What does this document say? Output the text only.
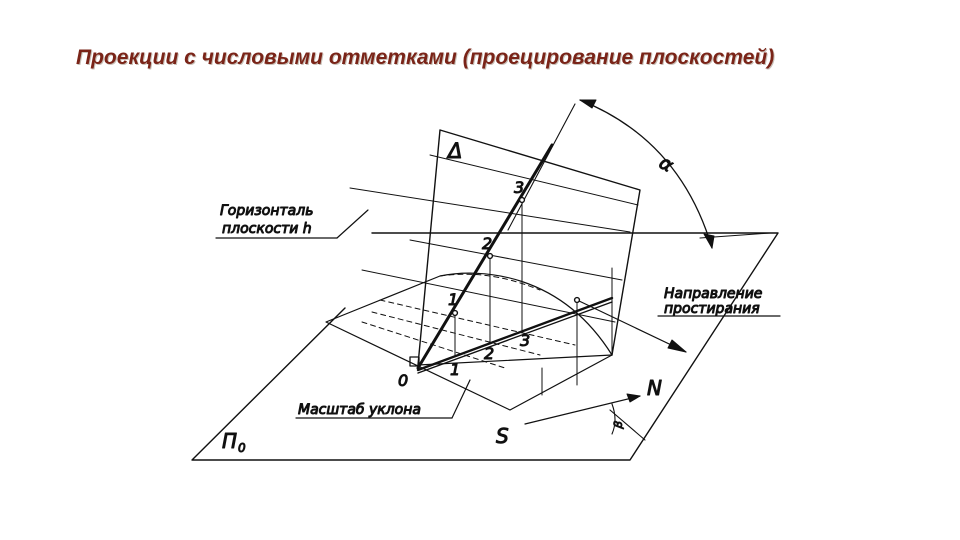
Проекции с числовыми отметками (проецирование плоскостей)
Δ
α
Горизонталь
плоскости h
Направление
простирания
Масштаб уклона
3
2
1
0
1
2
3
N
S	β
П 0
